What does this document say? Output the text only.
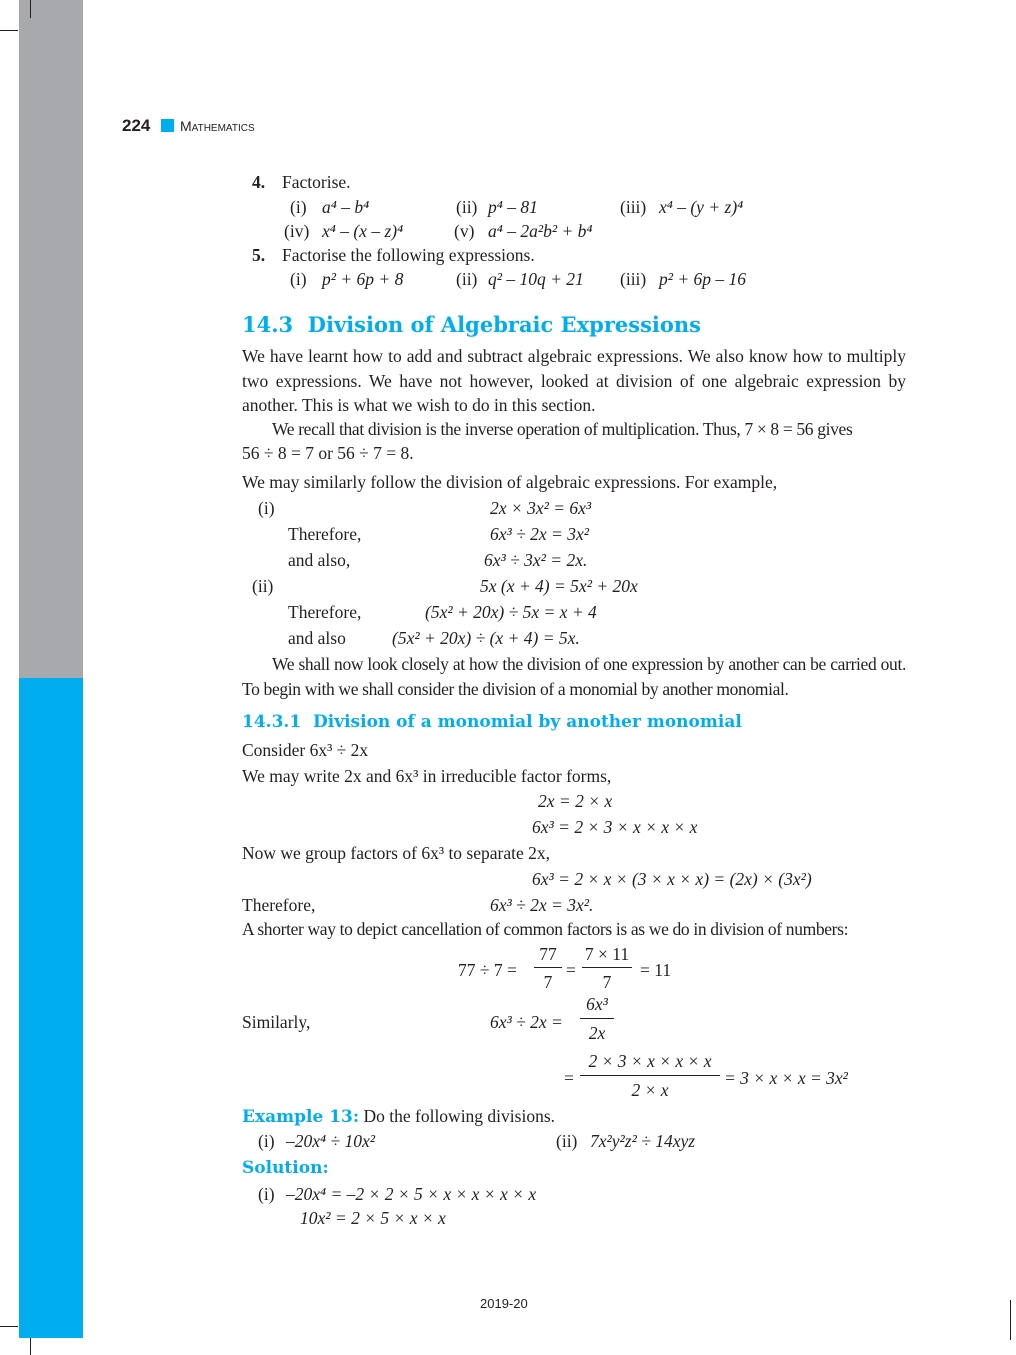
224 Mathematics
4. Factorise.
(i) a⁴ – b⁴	(ii) p⁴ – 81	(iii) x⁴ – (y + z)⁴
(iv) x⁴ – (x – z)⁴	(v) a⁴ – 2a²b² + b⁴
5. Factorise the following expressions.
(i) p² + 6p + 8	(ii) q² – 10q + 21 (iii) p² + 6p – 16
14.3 Division of Algebraic Expressions
We have learnt how to add and subtract algebraic expressions. We also know how to multiply two expressions. We have not however, looked at division of one algebraic expression by another. This is what we wish to do in this section.
We recall that division is the inverse operation of multiplication. Thus, 7 × 8 = 56 gives
56 ÷ 8 = 7 or 56 ÷ 7 = 8.
We may similarly follow the division of algebraic expressions. For example,
(i)	2x × 3x² = 6x³
Therefore,	6x³ ÷ 2x = 3x²
and also,	6x³ ÷ 3x² = 2x.
(ii)	5x (x + 4) = 5x² + 20x
Therefore,	(5x² + 20x) ÷ 5x = x + 4
and also	(5x² + 20x) ÷ (x + 4) = 5x.
We shall now look closely at how the division of one expression by another can be carried out. To begin with we shall consider the division of a monomial by another monomial.
14.3.1 Division of a monomial by another monomial
Consider 6x³ ÷ 2x
We may write 2x and 6x³ in irreducible factor forms,
2x = 2 × x
6x³ = 2 × 3 × x × x × x
Now we group factors of 6x³ to separate 2x,
6x³ = 2 × x × (3 × x × x) = (2x) × (3x²)
Therefore,	6x³ ÷ 2x = 3x².
A shorter way to depict cancellation of common factors is as we do in division of numbers:
77 ÷ 7 =
77
7
=
7 × 11
7
= 11
Similarly,	6x³ ÷ 2x =
6x³
2x
=
2 × 3 × x × x × x
2 × x
= 3 × x × x = 3x²
Example 13: Do the following divisions.
(i) –20x⁴ ÷ 10x²	(ii) 7x²y²z² ÷ 14xyz
Solution:
(i) –20x⁴ = –2 × 2 × 5 × x × x × x × x
10x² = 2 × 5 × x × x
2019-20
